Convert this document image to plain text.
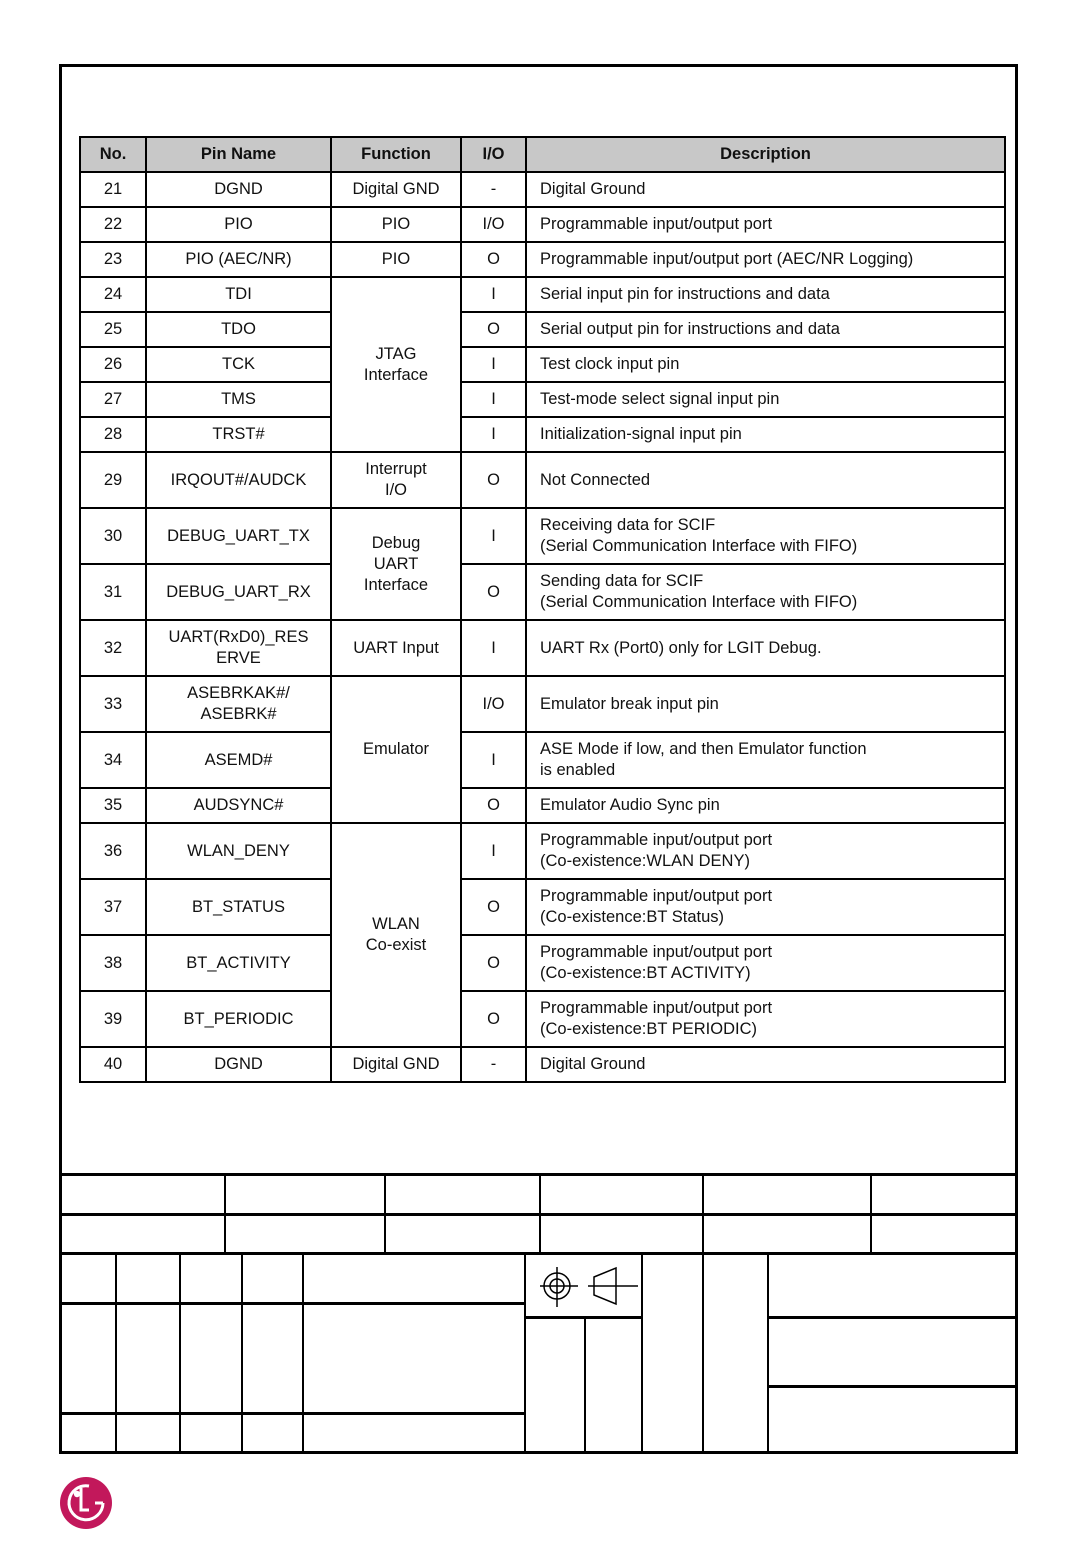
No.	Pin Name	Function	I/O	Description
21	DGND	Digital GND	-	Digital Ground
22	PIO	PIO	I/O	Programmable input/output port
23	PIO (AEC/NR)	PIO	O	Programmable input/output port (AEC/NR Logging)
24	TDI	JTAG
Interface	I	Serial input pin for instructions and data
25	TDO		O	Serial output pin for instructions and data
26	TCK		I	Test clock input pin
27	TMS		I	Test-mode select signal input pin
28	TRST#		I	Initialization-signal input pin
29	IRQOUT#/AUDCK	Interrupt
I/O	O	Not Connected
30	DEBUG_UART_TX	Debug
UART
Interface	I	Receiving data for SCIF
(Serial Communication Interface with FIFO)
31	DEBUG_UART_RX		O	Sending data for SCIF
(Serial Communication Interface with FIFO)
32	UART(RxD0)_RES
ERVE	UART Input	I	UART Rx (Port0) only for LGIT Debug.
33	ASEBRKAK#/
ASEBRK#	Emulator	I/O	Emulator break input pin
34	ASEMD#		I	ASE Mode if low, and then Emulator function
is enabled
35	AUDSYNC#		O	Emulator Audio Sync pin
36	WLAN_DENY	WLAN
Co-exist	I	Programmable input/output port
(Co-existence:WLAN DENY)
37	BT_STATUS		O	Programmable input/output port
(Co-existence:BT Status)
38	BT_ACTIVITY		O	Programmable input/output port
(Co-existence:BT ACTIVITY)
39	BT_PERIODIC		O	Programmable input/output port
(Co-existence:BT PERIODIC)
40	DGND	Digital GND	-	Digital Ground
